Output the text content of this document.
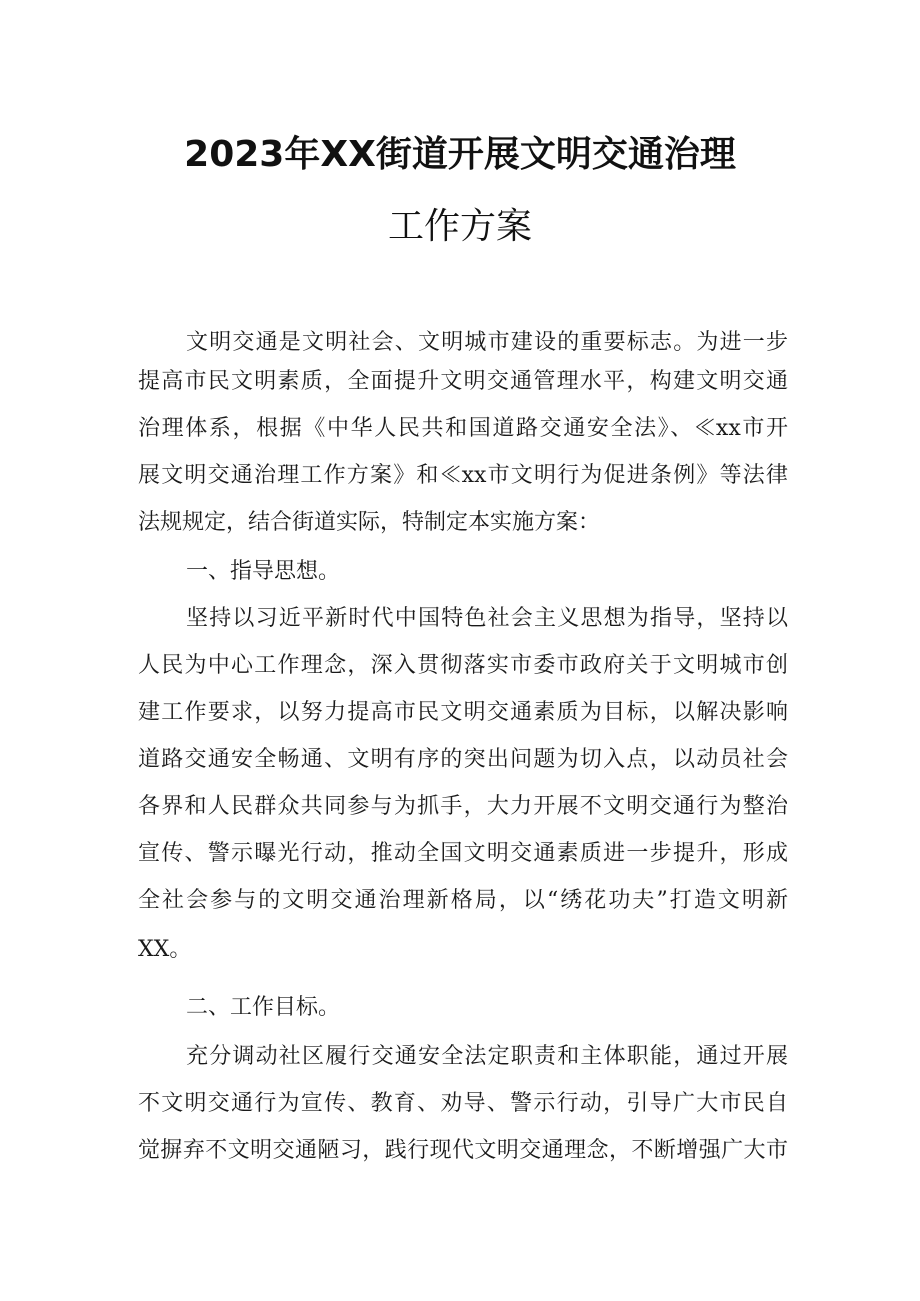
2023年XX街道开展文明交通治理
工作方案
文明交通是文明社会、文明城市建设的重要标志。为进一步
提高市民文明素质，全面提升文明交通管理水平，构建文明交通
治理体系，根据《中华人民共和国道路交通安全法》、≪xx市开
展文明交通治理工作方案》和≪xx市文明行为促进条例》等法律
法规规定，结合街道实际，特制定本实施方案：
一、指导思想。
坚持以习近平新时代中国特色社会主义思想为指导，坚持以
人民为中心工作理念，深入贯彻落实市委市政府关于文明城市创
建工作要求，以努力提高市民文明交通素质为目标，以解决影响
道路交通安全畅通、文明有序的突出问题为切入点，以动员社会
各界和人民群众共同参与为抓手，大力开展不文明交通行为整治
宣传、警示曝光行动，推动全国文明交通素质进一步提升，形成
全社会参与的文明交通治理新格局，以“绣花功夫”打造文明新
XX。
二、工作目标。
充分调动社区履行交通安全法定职责和主体职能，通过开展
不文明交通行为宣传、教育、劝导、警示行动，引导广大市民自
觉摒弃不文明交通陋习，践行现代文明交通理念，不断增强广大市
